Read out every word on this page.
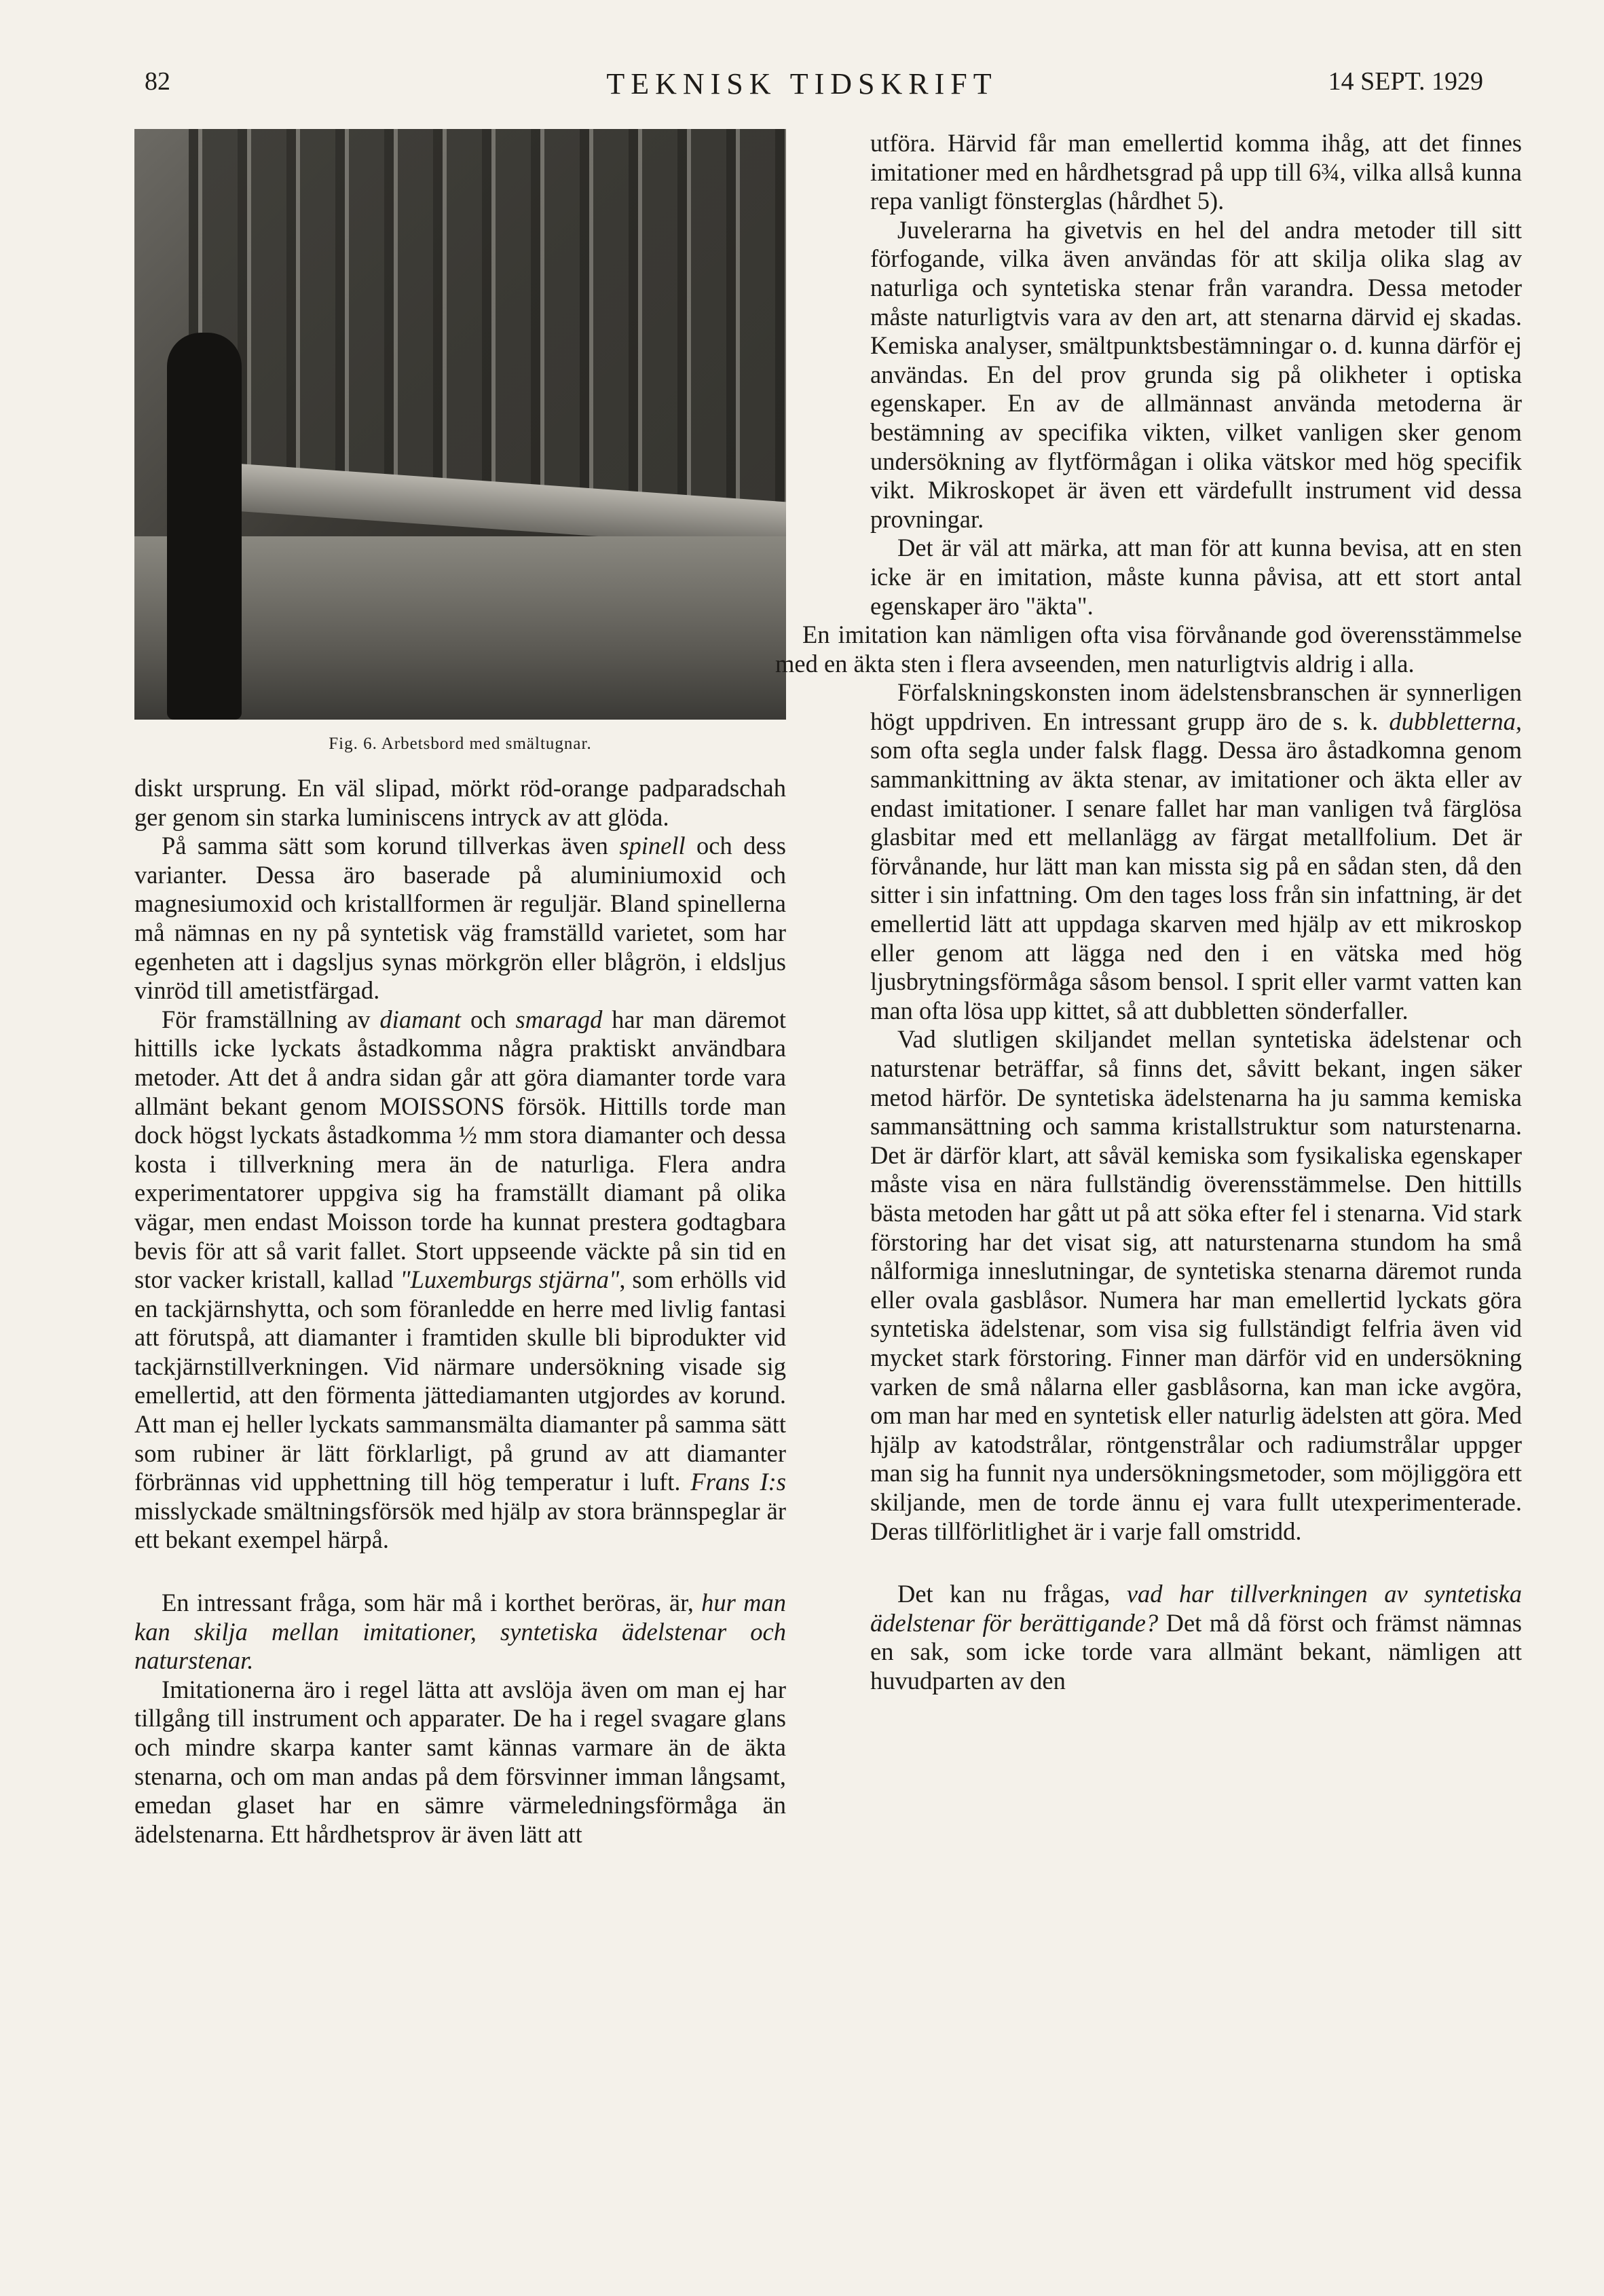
82	TEKNISK TIDSKRIFT	14 SEPT. 1929
Fig. 6. Arbetsbord med smältugnar.

diskt ursprung. En väl slipad, mörkt röd-orange padparadschah ger genom sin starka luminiscens intryck av att glöda.

På samma sätt som korund tillverkas även spinell och dess varianter. Dessa äro baserade på aluminiumoxid och magnesiumoxid och kristallformen är reguljär. Bland spinellerna må nämnas en ny på syntetisk väg framställd varietet, som har egenheten att i dagsljus synas mörkgrön eller blågrön, i eldsljus vinröd till ametistfärgad.

För framställning av diamant och smaragd har man däremot hittills icke lyckats åstadkomma några praktiskt användbara metoder. Att det å andra sidan går att göra diamanter torde vara allmänt bekant genom MOISSONS försök. Hittills torde man dock högst lyckats åstadkomma ½ mm stora diamanter och dessa kosta i tillverkning mera än de naturliga. Flera andra experimentatorer uppgiva sig ha framställt diamant på olika vägar, men endast Moisson torde ha kunnat prestera godtagbara bevis för att så varit fallet. Stort uppseende väckte på sin tid en stor vacker kristall, kallad "Luxemburgs stjärna", som erhölls vid en tackjärnshytta, och som föranledde en herre med livlig fantasi att förutspå, att diamanter i framtiden skulle bli biprodukter vid tackjärnstillverkningen. Vid närmare undersökning visade sig emellertid, att den förmenta jättediamanten utgjordes av korund. Att man ej heller lyckats sammansmälta diamanter på samma sätt som rubiner är lätt förklarligt, på grund av att diamanter förbrännas vid upphettning till hög temperatur i luft. Frans I:s misslyckade smältningsförsök med hjälp av stora brännspeglar är ett bekant exempel härpå.

En intressant fråga, som här må i korthet beröras, är, hur man kan skilja mellan imitationer, syntetiska ädelstenar och naturstenar.

Imitationerna äro i regel lätta att avslöja även om man ej har tillgång till instrument och apparater. De ha i regel svagare glans och mindre skarpa kanter samt kännas varmare än de äkta stenarna, och om man andas på dem försvinner imman långsamt, emedan glaset har en sämre värmeledningsförmåga än ädelstenarna. Ett hårdhetsprov är även lätt att

utföra. Härvid får man emellertid komma ihåg, att det finnes imitationer med en hårdhetsgrad på upp till 6¾, vilka allså kunna repa vanligt fönsterglas (hårdhet 5).

Juvelerarna ha givetvis en hel del andra metoder till sitt förfogande, vilka även användas för att skilja olika slag av naturliga och syntetiska stenar från varandra. Dessa metoder måste naturligtvis vara av den art, att stenarna därvid ej skadas. Kemiska analyser, smältpunktsbestämningar o. d. kunna därför ej användas. En del prov grunda sig på olikheter i optiska egenskaper. En av de allmännast använda metoderna är bestämning av specifika vikten, vilket vanligen sker genom undersökning av flytförmågan i olika vätskor med hög specifik vikt. Mikroskopet är även ett värdefullt instrument vid dessa provningar.

Det är väl att märka, att man för att kunna bevisa, att en sten icke är en imitation, måste kunna påvisa, att ett stort antal egenskaper äro "äkta".

En imitation kan nämligen ofta visa förvånande god överensstämmelse med en äkta sten i flera avseenden, men naturligtvis aldrig i alla.

Förfalskningskonsten inom ädelstensbranschen är synnerligen högt uppdriven. En intressant grupp äro de s. k. dubbletterna, som ofta segla under falsk flagg. Dessa äro åstadkomna genom sammankittning av äkta stenar, av imitationer och äkta eller av endast imitationer. I senare fallet har man vanligen två färglösa glasbitar med ett mellanlägg av färgat metallfolium. Det är förvånande, hur lätt man kan missta sig på en sådan sten, då den sitter i sin infattning. Om den tages loss från sin infattning, är det emellertid lätt att uppdaga skarven med hjälp av ett mikroskop eller genom att lägga ned den i en vätska med hög ljusbrytningsförmåga såsom bensol. I sprit eller varmt vatten kan man ofta lösa upp kittet, så att dubbletten sönderfaller.

Vad slutligen skiljandet mellan syntetiska ädelstenar och naturstenar beträffar, så finns det, såvitt bekant, ingen säker metod härför. De syntetiska ädelstenarna ha ju samma kemiska sammansättning och samma kristallstruktur som naturstenarna. Det är därför klart, att såväl kemiska som fysikaliska egenskaper måste visa en nära fullständig överensstämmelse. Den hittills bästa metoden har gått ut på att söka efter fel i stenarna. Vid stark förstoring har det visat sig, att naturstenarna stundom ha små nålformiga inneslutningar, de syntetiska stenarna däremot runda eller ovala gasblåsor. Numera har man emellertid lyckats göra syntetiska ädelstenar, som visa sig fullständigt felfria även vid mycket stark förstoring. Finner man därför vid en undersökning varken de små nålarna eller gasblåsorna, kan man icke avgöra, om man har med en syntetisk eller naturlig ädelsten att göra. Med hjälp av katodstrålar, röntgenstrålar och radiumstrålar uppger man sig ha funnit nya undersökningsmetoder, som möjliggöra ett skiljande, men de torde ännu ej vara fullt utexperimenterade. Deras tillförlitlighet är i varje fall omstridd.

Det kan nu frågas, vad har tillverkningen av syntetiska ädelstenar för berättigande? Det må då först och främst nämnas en sak, som icke torde vara allmänt bekant, nämligen att huvudparten av den
